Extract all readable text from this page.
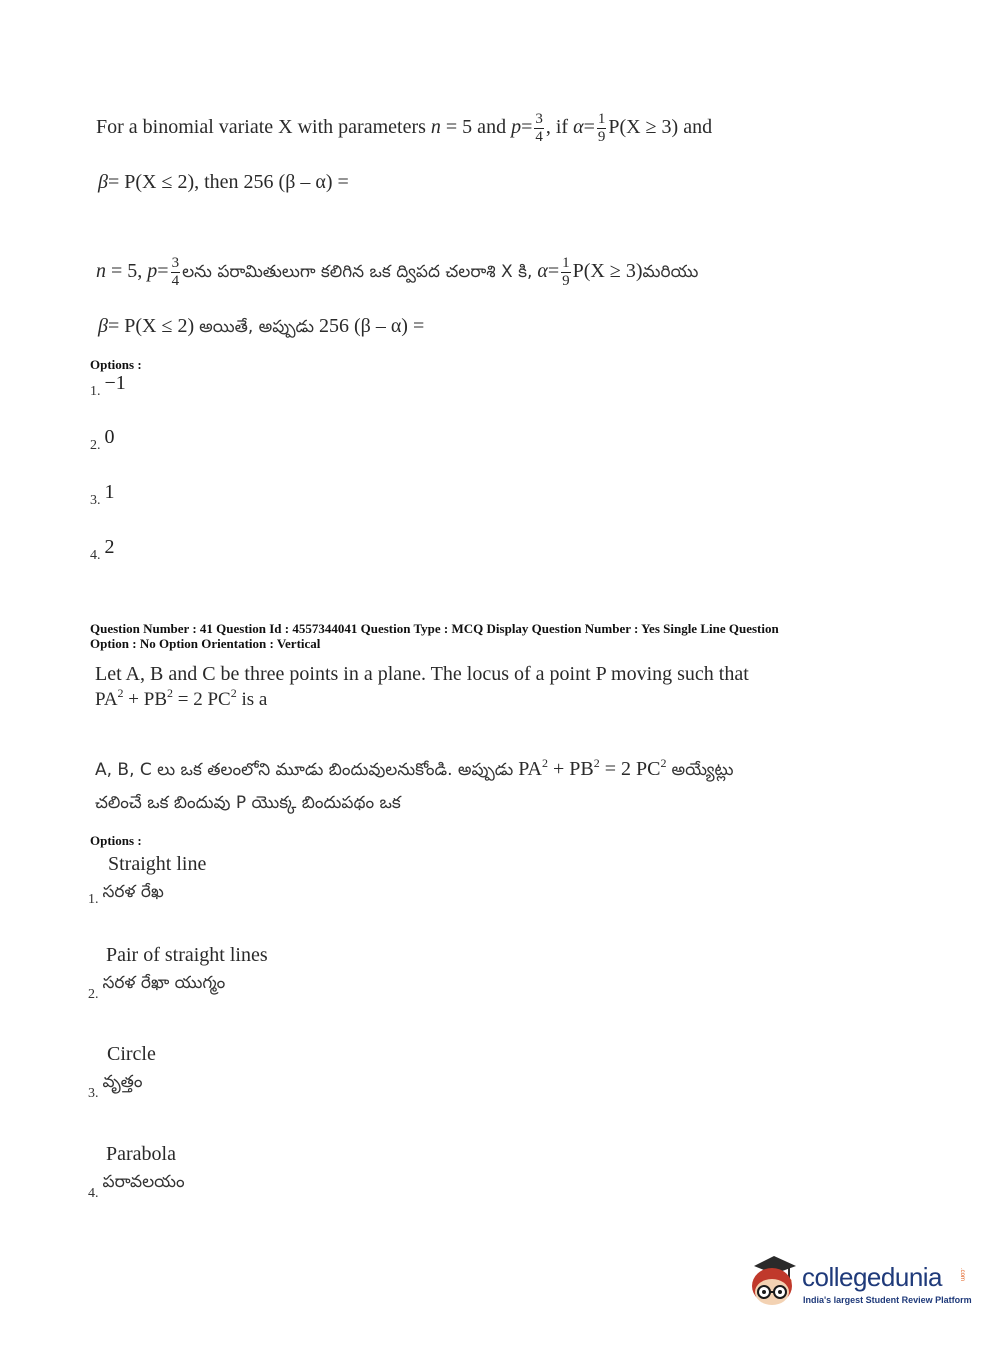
For a binomial variate X with parameters n = 5 and $p= \frac{3}{4}$ , if $\alpha= \frac{1}{9} P(X \ge 3)$ and
β= P(X ≤ 2), then 256 (β – α) =
n = 5, $p= \frac{3}{4}$ లను పరామితులుగా కలిగిన ఒక ద్విపద చలరాశి X కి, $\alpha= \frac{1}{9} P(X$ ≥ 3)మరియు
β= P(X ≤ 2) అయితే, అప్పుడు 256 (β – α) =
Options :
1. −1
2. 0
3. 1
4. 2
Question Number : 41 Question Id : 4557344041 Question Type : MCQ Display Question Number : Yes Single Line Question
Option : No Option Orientation : Vertical
Let A, B and C be three points in a plane. The locus of a point P moving such that
$PA^2 + PB^2 = 2$ $PC^2$ is a
A, B, C లు ఒక తలంలోని మూడు బిందువులనుకోండి. అప్పుడు $PA^2 + PB^2 = 2$ $PC^2$ అయ్యేట్లు
చలించే ఒక బిందువు P యొక్క బిందుపథం ఒక
Options :
Straight line
1. సరళ రేఖ
Pair of straight lines
2. సరళ రేఖా యుగ్మం
Circle
3. వృత్తం
Parabola
4. పరావలయం
collegedunia	.com
India's largest Student Review Platform
